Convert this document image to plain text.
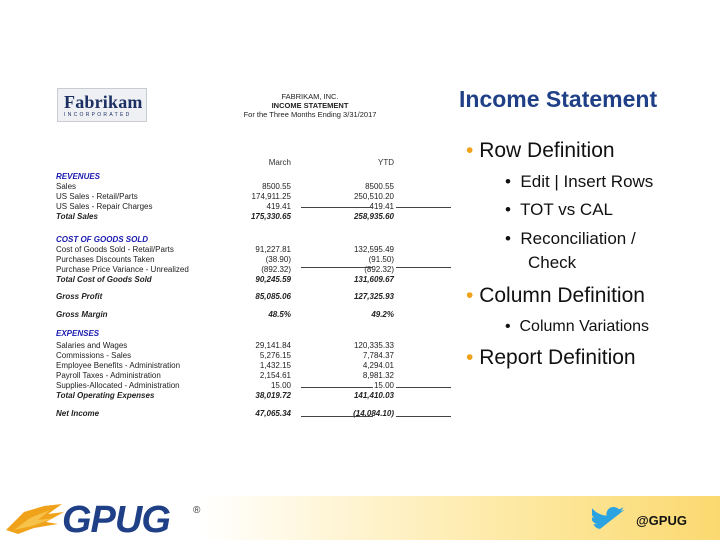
Fabrikam
INCORPORATED
FABRIKAM, INC.
INCOME STATEMENT
For the Three Months Ending 3/31/2017
March	YTD
REVENUES
Sales	8500.55	8500.55
US Sales - Retail/Parts	174,911.25	250,510.20
US Sales - Repair Charges	419.41	419.41
Total Sales	175,330.65	258,935.60
COST OF GOODS SOLD
Cost of Goods Sold - Retail/Parts	91,227.81	132,595.49
Purchases Discounts Taken	(38.90)	(91.50)
Purchase Price Variance - Unrealized	(892.32)	(892.32)
Total Cost of Goods Sold	90,245.59	131,609.67
Gross Profit	85,085.06	127,325.93
Gross Margin	48.5%	49.2%
EXPENSES
Salaries and Wages	29,141.84	120,335.33
Commissions - Sales	5,276.15	7,784.37
Employee Benefits - Administration	1,432.15	4,294.01
Payroll Taxes - Administration	2,154.61	8,981.32
Supplies-Allocated - Administration	15.00	15.00
Total Operating Expenses	38,019.72	141,410.03
Net Income	47,065.34	(14,084.10)
Income Statement
• Row Definition
•  Edit | Insert Rows
•  TOT vs CAL
•  Reconciliation /
Check
• Column Definition
•  Column Variations
• Report Definition
GPUG ®
@GPUG
